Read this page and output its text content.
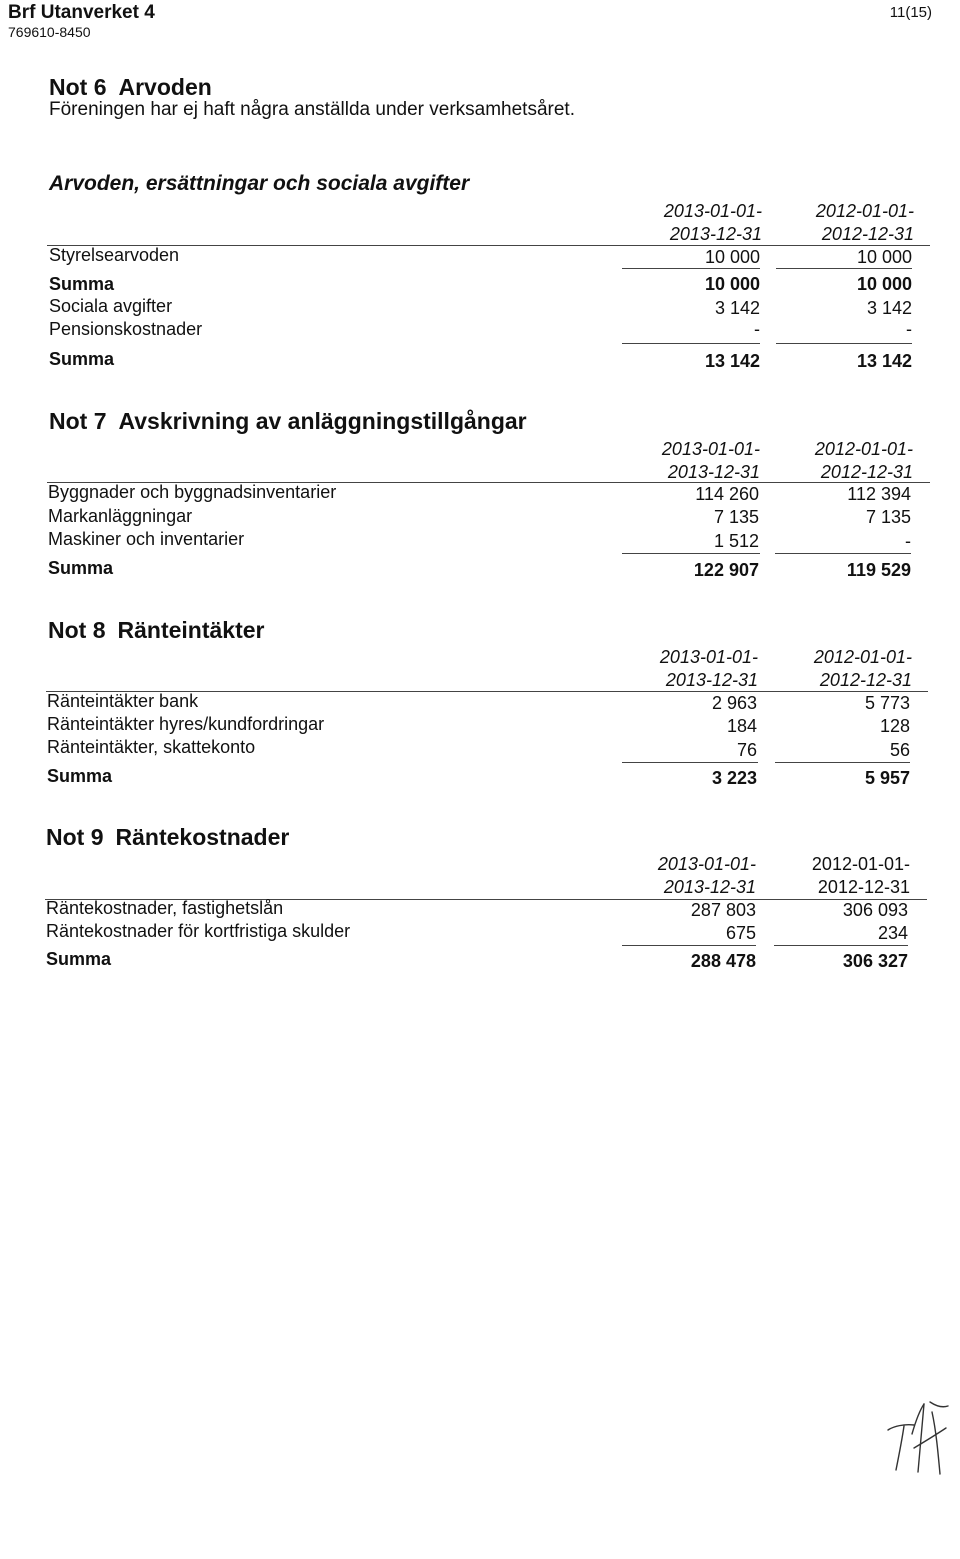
Brf Utanverket 4
769610-8450
11(15)
Not 6 Arvoden
Föreningen har ej haft några anställda under verksamhetsåret.
Arvoden, ersättningar och sociala avgifter
2013-01-01-
2013-12-31
2012-01-01-
2012-12-31
Styrelsearvoden	10 000	10 000
Summa	10 000	10 000
Sociala avgifter	3 142	3 142
Pensionskostnader	-	-
Summa	13 142	13 142
Not 7 Avskrivning av anläggningstillgångar
2013-01-01-
2013-12-31
2012-01-01-
2012-12-31
Byggnader och byggnadsinventarier	114 260	112 394
Markanläggningar	7 135	7 135
Maskiner och inventarier	1 512	-
Summa	122 907	119 529
Not 8 Ränteintäkter
2013-01-01-
2013-12-31
2012-01-01-
2012-12-31
Ränteintäkter bank	2 963	5 773
Ränteintäkter hyres/kundfordringar	184	128
Ränteintäkter, skattekonto	76	56
Summa	3 223	5 957
Not 9 Räntekostnader
2013-01-01-
2013-12-31
2012-01-01-
2012-12-31
Räntekostnader, fastighetslån	287 803	306 093
Räntekostnader för kortfristiga skulder	675	234
Summa	288 478	306 327
